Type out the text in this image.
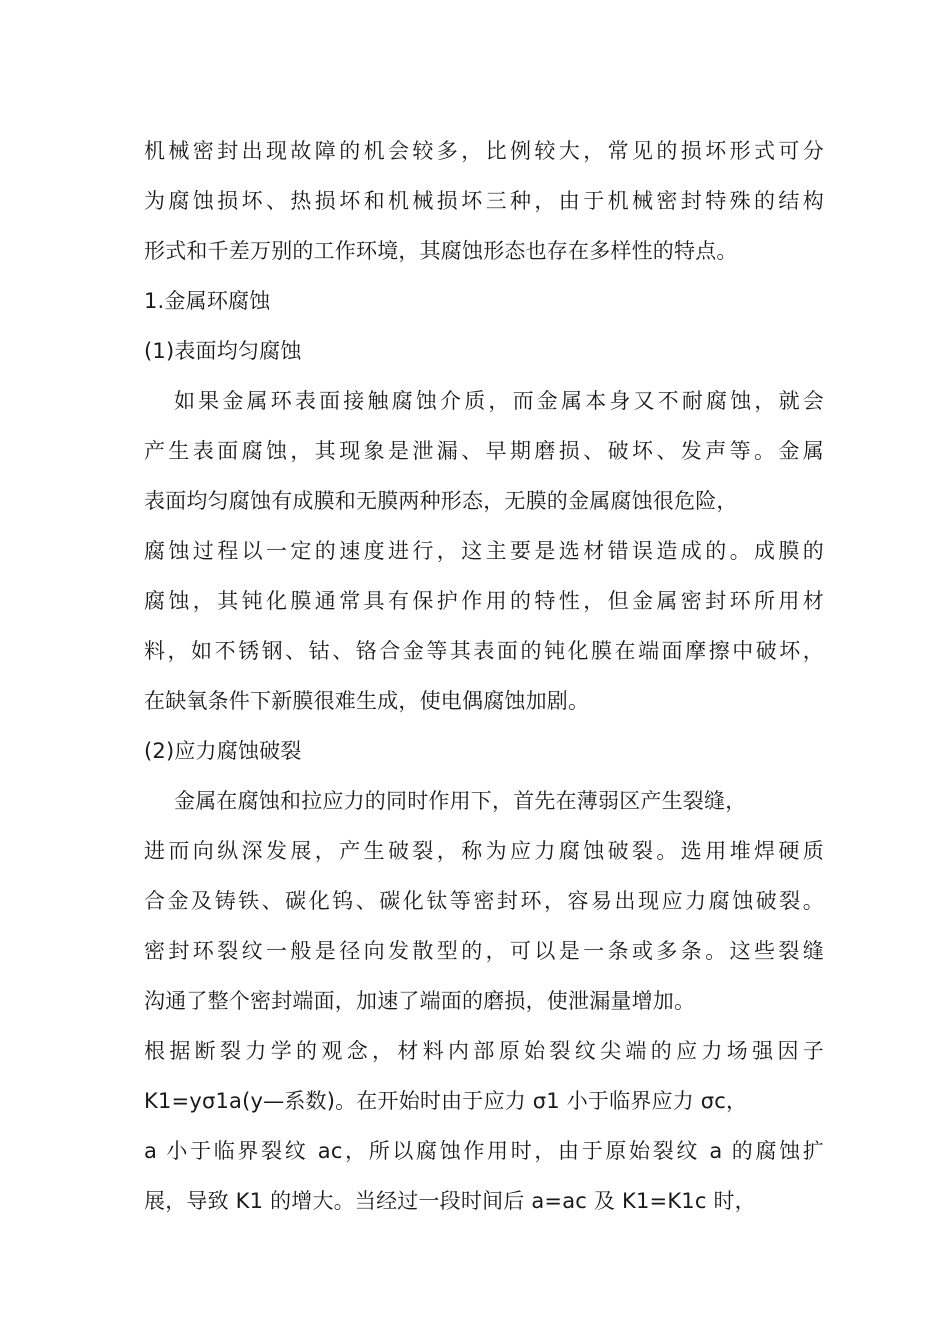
机械密封出现故障的机会较多，比例较大，常见的损坏形式可分
为腐蚀损坏、热损坏和机械损坏三种，由于机械密封特殊的结构
形式和千差万别的工作环境，其腐蚀形态也存在多样性的特点。
1.金属环腐蚀
(1)表面均匀腐蚀
如果金属环表面接触腐蚀介质，而金属本身又不耐腐蚀，就会
产生表面腐蚀，其现象是泄漏、早期磨损、破坏、发声等。金属
表面均匀腐蚀有成膜和无膜两种形态，无膜的金属腐蚀很危险，
腐蚀过程以一定的速度进行，这主要是选材错误造成的。成膜的
腐蚀，其钝化膜通常具有保护作用的特性，但金属密封环所用材
料，如不锈钢、钴、铬合金等其表面的钝化膜在端面摩擦中破坏，
在缺氧条件下新膜很难生成，使电偶腐蚀加剧。
(2)应力腐蚀破裂
金属在腐蚀和拉应力的同时作用下，首先在薄弱区产生裂缝，
进而向纵深发展，产生破裂，称为应力腐蚀破裂。选用堆焊硬质
合金及铸铁、碳化钨、碳化钛等密封环，容易出现应力腐蚀破裂。
密封环裂纹一般是径向发散型的，可以是一条或多条。这些裂缝
沟通了整个密封端面，加速了端面的磨损，使泄漏量增加。
根据断裂力学的观念，材料内部原始裂纹尖端的应力场强因子
K1=yσ1a(y—系数)。在开始时由于应力 σ1 小于临界应力 σc，
a 小于临界裂纹 ac，所以腐蚀作用时，由于原始裂纹 a 的腐蚀扩
展，导致 K1 的增大。当经过一段时间后 a=ac 及 K1=K1c 时，
